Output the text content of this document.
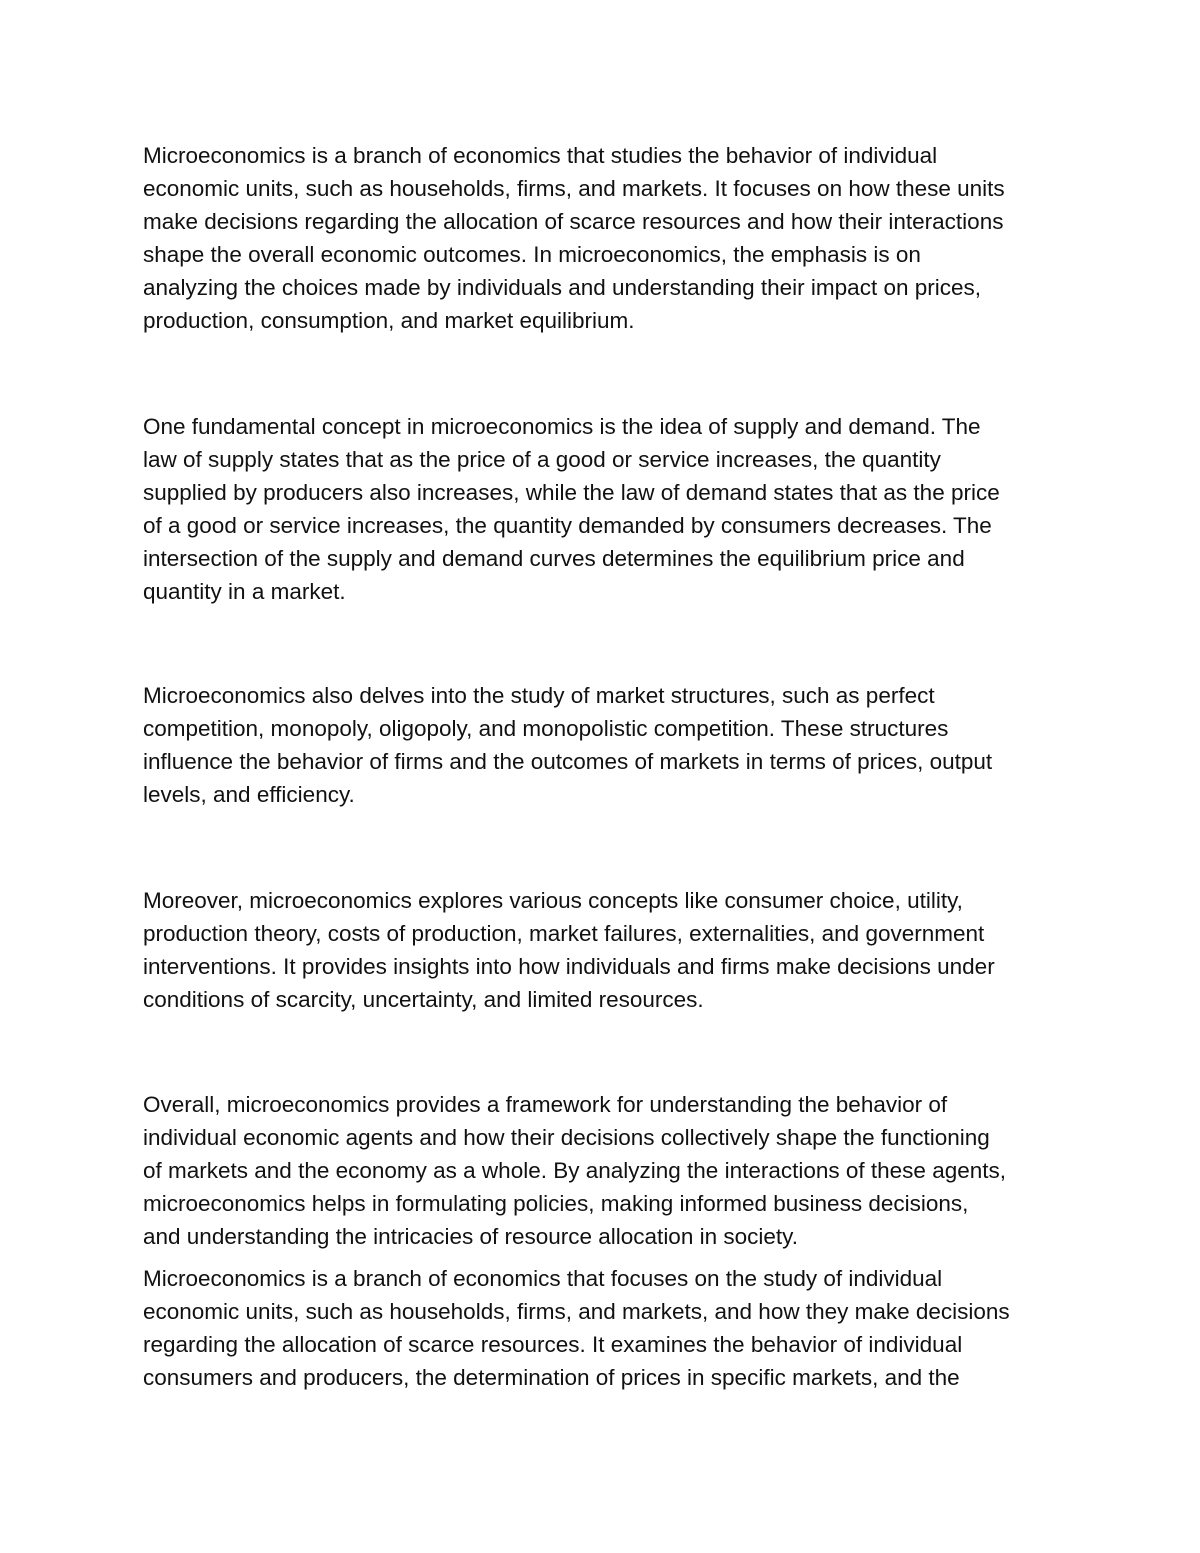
Microeconomics is a branch of economics that studies the behavior of individual
economic units, such as households, firms, and markets. It focuses on how these units
make decisions regarding the allocation of scarce resources and how their interactions
shape the overall economic outcomes. In microeconomics, the emphasis is on
analyzing the choices made by individuals and understanding their impact on prices,
production, consumption, and market equilibrium.

One fundamental concept in microeconomics is the idea of supply and demand. The
law of supply states that as the price of a good or service increases, the quantity
supplied by producers also increases, while the law of demand states that as the price
of a good or service increases, the quantity demanded by consumers decreases. The
intersection of the supply and demand curves determines the equilibrium price and
quantity in a market.

Microeconomics also delves into the study of market structures, such as perfect
competition, monopoly, oligopoly, and monopolistic competition. These structures
influence the behavior of firms and the outcomes of markets in terms of prices, output
levels, and efficiency.

Moreover, microeconomics explores various concepts like consumer choice, utility,
production theory, costs of production, market failures, externalities, and government
interventions. It provides insights into how individuals and firms make decisions under
conditions of scarcity, uncertainty, and limited resources.

Overall, microeconomics provides a framework for understanding the behavior of
individual economic agents and how their decisions collectively shape the functioning
of markets and the economy as a whole. By analyzing the interactions of these agents,
microeconomics helps in formulating policies, making informed business decisions,
and understanding the intricacies of resource allocation in society.

Microeconomics is a branch of economics that focuses on the study of individual
economic units, such as households, firms, and markets, and how they make decisions
regarding the allocation of scarce resources. It examines the behavior of individual
consumers and producers, the determination of prices in specific markets, and the
